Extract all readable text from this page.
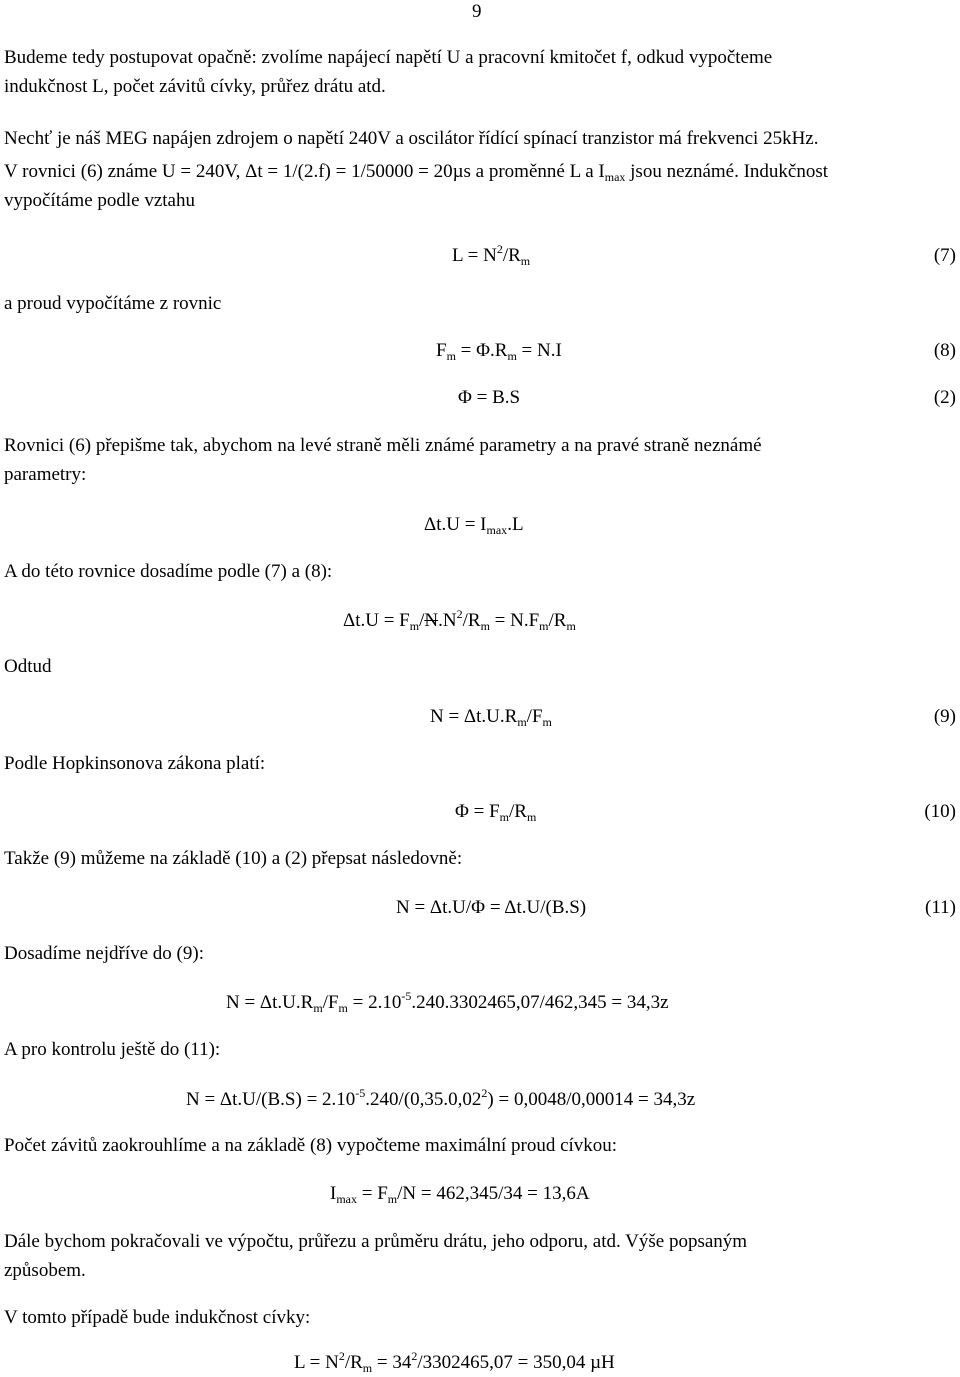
9
Budeme tedy postupovat opačně: zvolíme napájecí napětí U a pracovní kmitočet f, odkud vypočteme
indukčnost L, počet závitů cívky, průřez drátu atd.
Nechť je náš MEG napájen zdrojem o napětí 240V a oscilátor řídící spínací tranzistor má frekvenci 25kHz.
V rovnici (6) známe U = 240V, Δt = 1/(2.f) = 1/50000 = 20µs a proměnné L a $I_{max}$ jsou neznámé. Indukčnost
vypočítáme podle vztahu
$L = N^2/R_m$	(7)
a proud vypočítáme z rovnic
$F_m = \Phi.R_m = N.I$	(8)
Φ = B.S	(2)
Rovnici (6) přepišme tak, abychom na levé straně měli známé parametry a na pravé straně neznámé
parametry:
$\Delta t.U = I_{max}.L$
A do této rovnice dosadíme podle (7) a (8):
$\Delta t.U = F_m/N.N^2/R_m = N.F_m/R_m$
Odtud
$N = \Delta t.U.R_m/F_m$	(9)
Podle Hopkinsonova zákona platí:
$\Phi = F_m/R_m$	(10)
Takže (9) můžeme na základě (10) a (2) přepsat následovně:
N = Δt.U/Φ = Δt.U/(B.S)	(11)
Dosadíme nejdříve do (9):
$N = \Delta t.U.R_m/F_m = 2.10^{-5}.240.3302465,07/462,345 = 34,3z$
A pro kontrolu ještě do (11):
$N = \Delta t.U/(B.S) = 2.10^{-5}.240/(0,35.0,02^2) = 0,0048/0,00014 = 34,3z$
Počet závitů zaokrouhlíme a na základě (8) vypočteme maximální proud cívkou:
$I_{max} = F_m/N = 462,345/34 = 13,6A$
Dále bychom pokračovali ve výpočtu, průřezu a průměru drátu, jeho odporu, atd. Výše popsaným
způsobem.
V tomto případě bude indukčnost cívky:
$L = N^2/R_m = 34^2/3302465,07 = 350,04$ µH
